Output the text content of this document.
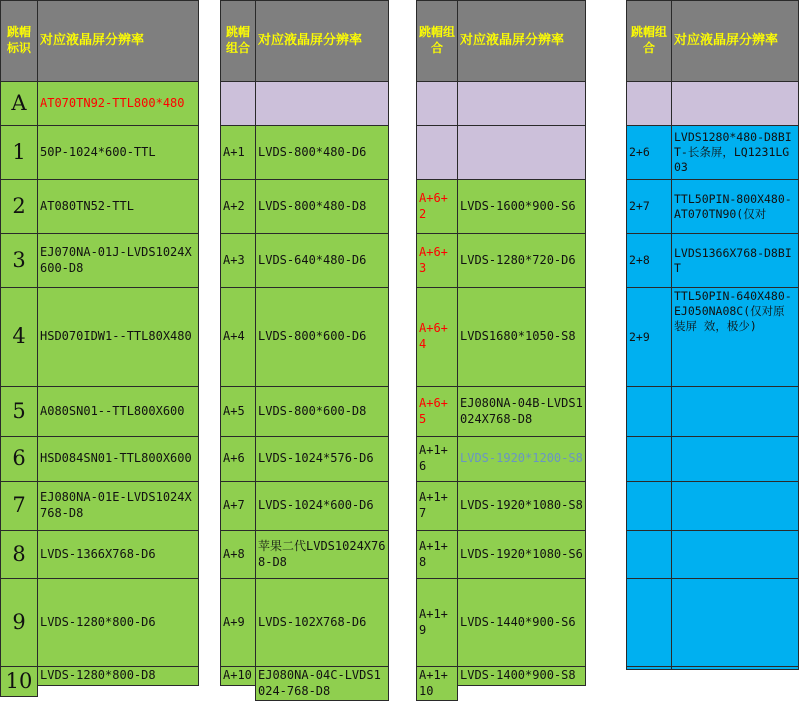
跳帽标识
对应液晶屏分辨率
A AT070TN92-TTL800*480
1 50P-1024*600-TTL
2 AT080TN52-TTL
3 EJ070NA-01J-LVDS1024X600-D8
4 HSD070IDW1--TTL80X480
5 A080SN01--TTL800X600
6 HSD084SN01-TTL800X600
7 EJ080NA-01E-LVDS1024X768-D8
8 LVDS-1366X768-D6
9 LVDS-1280*800-D6
10 LVDS-1280*800-D8
跳帽组合
对应液晶屏分辨率
A+1 LVDS-800*480-D6
A+2 LVDS-800*480-D8
A+3 LVDS-640*480-D6
A+4 LVDS-800*600-D6
A+5 LVDS-800*600-D8
A+6 LVDS-1024*576-D6
A+7 LVDS-1024*600-D6
A+8
苹果二代LVDS1024X768-D8
A+9 LVDS-102X768-D6
A+10 EJ080NA-04C-LVDS1024-768-D8
跳帽组合
对应液晶屏分辨率
A+6+2
LVDS-1600*900-S6
A+6+3
LVDS-1280*720-D6
A+6+4
LVDS1680*1050-S8
A+6+5
EJ080NA-04B-LVDS1024X768-D8
A+1+6
LVDS-1920*1200-S8
A+1+7
LVDS-1920*1080-S8
A+1+8
LVDS-1920*1080-S6
A+1+9
LVDS-1440*900-S6
A+1+10
LVDS-1400*900-S8
跳帽组合
对应液晶屏分辨率
2+6
LVDS1280*480-D8BIT-长条屏，LQ1231LG03
2+7
TTL50PIN-800X480-AT070TN90(仅对
2+8
LVDS1366X768-D8BIT
2+9
TTL50PIN-640X480-EJ050NA08C(仅对原装屏 效，极少)
